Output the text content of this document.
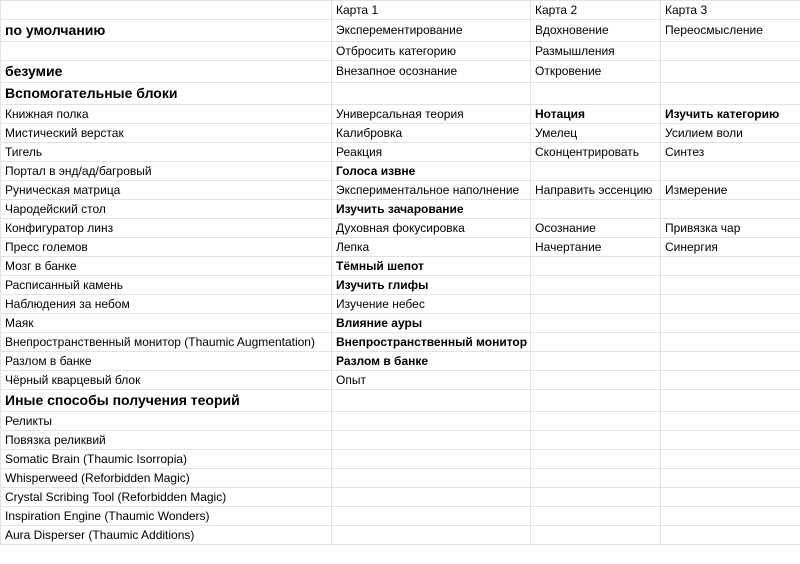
	Карта 1	Карта 2	Карта 3
по умолчанию	Эксперементирование	Вдохновение	Переосмысление
	Отбросить категорию	Размышления	
безумие	Внезапное осознание	Откровение	
Вспомогательные блоки			
Книжная полка	Универсальная теория	Нотация	Изучить категорию
Мистический верстак	Калибровка	Умелец	Усилием воли
Тигель	Реакция	Сконцентрировать	Синтез
Портал в энд/ад/багровый	Голоса извне		
Руническая матрица	Экспериментальное наполнение	Направить эссенцию	Измерение
Чародейский стол	Изучить зачарование		
Конфигуратор линз	Духовная фокусировка	Осознание	Привязка чар
Пресс големов	Лепка	Начертание	Синергия
Мозг в банке	Тёмный шепот		
Расписанный камень	Изучить глифы		
Наблюдения за небом	Изучение небес		
Маяк	Влияние ауры		
Внепространственный монитор (Thaumic Augmentation)	Внепространственный монитор		
Разлом в банке	Разлом в банке		
Чёрный кварцевый блок	Опыт		
Иные способы получения теорий			
Реликты			
Повязка реликвий			
Somatic Brain (Thaumic Isorropia)			
Whisperweed (Reforbidden Magic)			
Crystal Scribing Tool (Reforbidden Magic)			
Inspiration Engine (Thaumic Wonders)			
Aura Disperser (Thaumic Additions)			
